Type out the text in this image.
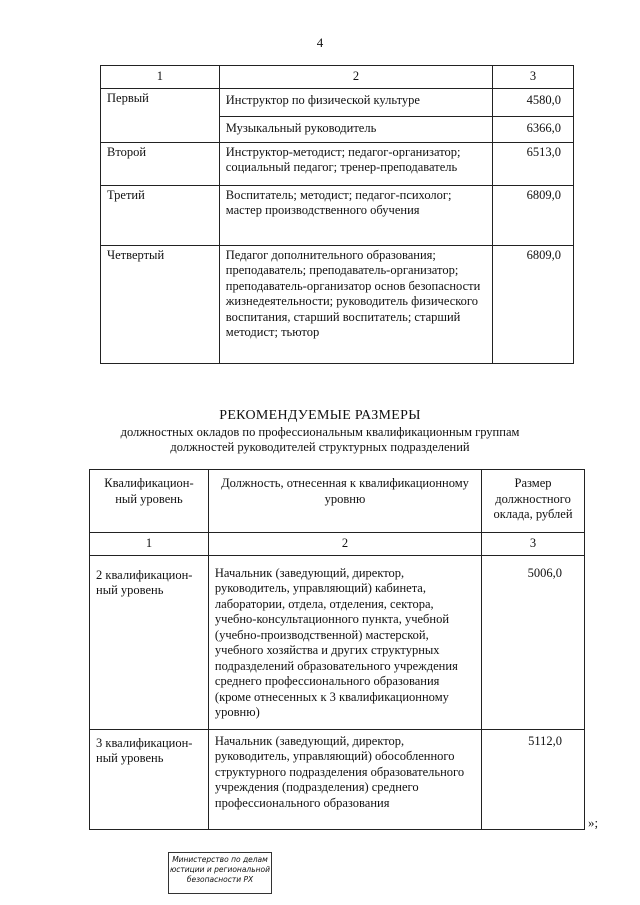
4
1	2	3
Первый	Инструктор по физической культуре	4580,0
	Музыкальный руководитель	6366,0
Второй	Инструктор-методист; педагог-организатор; социальный педагог; тренер-преподаватель	6513,0
Третий	Воспитатель; методист; педагог-психолог; мастер производственного обучения	6809,0
Четвертый	Педагог дополнительного образования; преподаватель; преподаватель-организатор; преподаватель-организатор основ безопасности жизнедеятельности; руководитель физического воспитания, старший воспитатель; старший методист; тьютор	6809,0
РЕКОМЕНДУЕМЫЕ РАЗМЕРЫ
должностных окладов по профессиональным квалификационным группам
должностей руководителей структурных подразделений
Квалификацион-ный уровень	Должность, отнесенная к квалификационному уровню	Размер должностного оклада, рублей
1	2	3
2 квалификацион-ный уровень	Начальник (заведующий, директор, руководитель, управляющий) кабинета, лаборатории, отдела, отделения, сектора, учебно-консультационного пункта, учебной (учебно-производственной) мастерской, учебного хозяйства и других структурных подразделений образовательного учреждения среднего профессионального образования (кроме отнесенных к 3 квалификационному уровню)	5006,0
3 квалификацион-ный уровень	Начальник (заведующий, директор, руководитель, управляющий) обособленного структурного подразделения образовательного учреждения (подразделения) среднего профессионального образования	5112,0
»;
Министерство по делам юстиции и региональной безопасности РХ
